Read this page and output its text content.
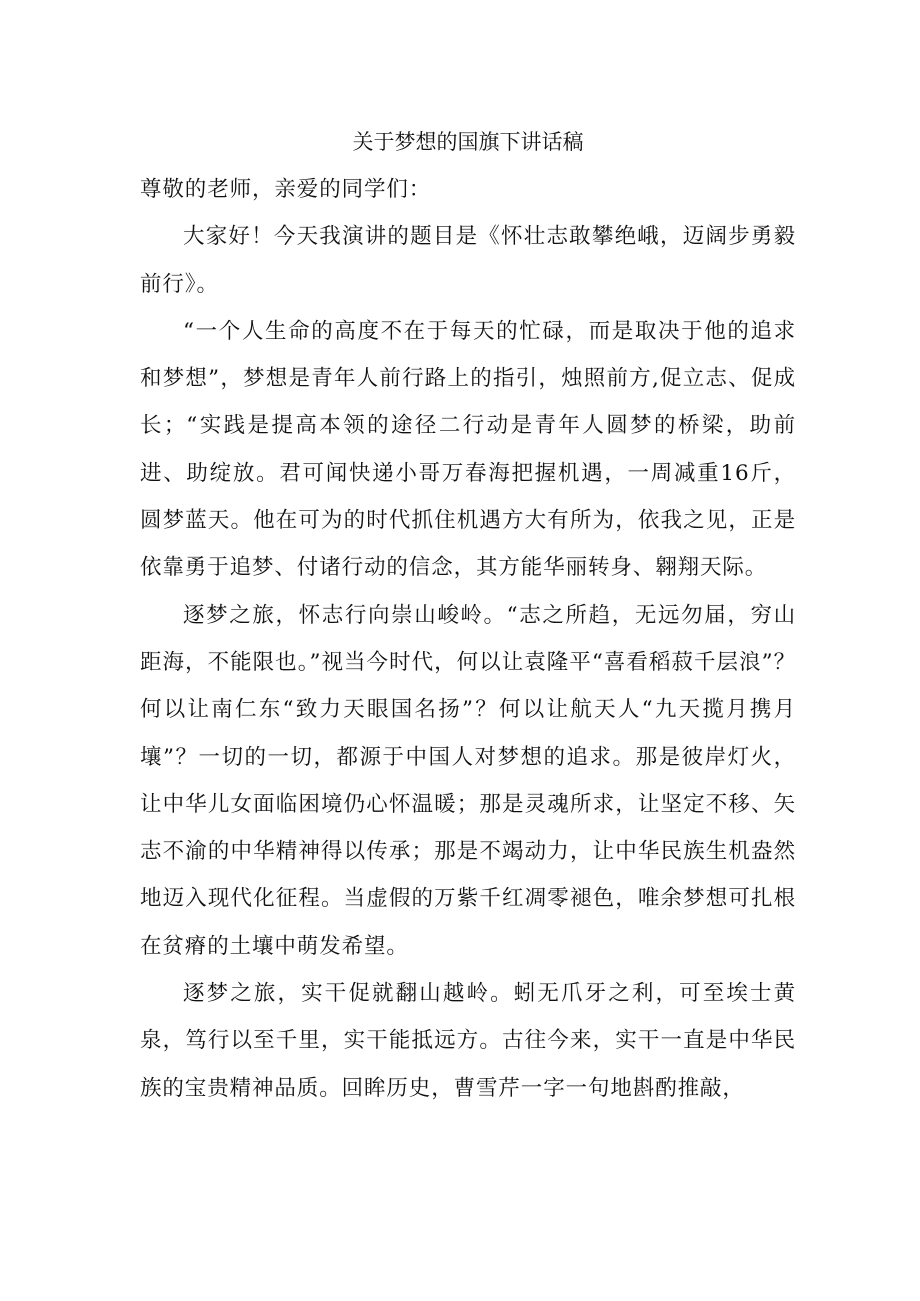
关于梦想的国旗下讲话稿

尊敬的老师，亲爱的同学们：

大家好！今天我演讲的题目是《怀壮志敢攀绝峨，迈阔步勇毅前行》。

“一个人生命的高度不在于每天的忙碌，而是取决于他的追求和梦想”，梦想是青年人前行路上的指引，烛照前方,促立志、促成长；“实践是提高本领的途径二行动是青年人圆梦的桥梁，助前进、助绽放。君可闻快递小哥万春海把握机遇，一周减重16斤，圆梦蓝天。他在可为的时代抓住机遇方大有所为，依我之见，正是依靠勇于追梦、付诸行动的信念，其方能华丽转身、翱翔天际。

逐梦之旅，怀志行向崇山峻岭。“志之所趋，无远勿届，穷山距海，不能限也。”视当今时代，何以让袁隆平“喜看稻菽千层浪”？何以让南仁东“致力天眼国名扬”？何以让航天人“九天揽月携月壤”？一切的一切，都源于中国人对梦想的追求。那是彼岸灯火，让中华儿女面临困境仍心怀温暖；那是灵魂所求，让坚定不移、矢志不渝的中华精神得以传承；那是不竭动力，让中华民族生机盎然地迈入现代化征程。当虚假的万紫千红凋零褪色，唯余梦想可扎根在贫瘠的土壤中萌发希望。

逐梦之旅，实干促就翻山越岭。蚓无爪牙之利，可至埃士黄泉，笃行以至千里，实干能抵远方。古往今来，实干一直是中华民族的宝贵精神品质。回眸历史，曹雪芹一字一句地斟酌推敲，
